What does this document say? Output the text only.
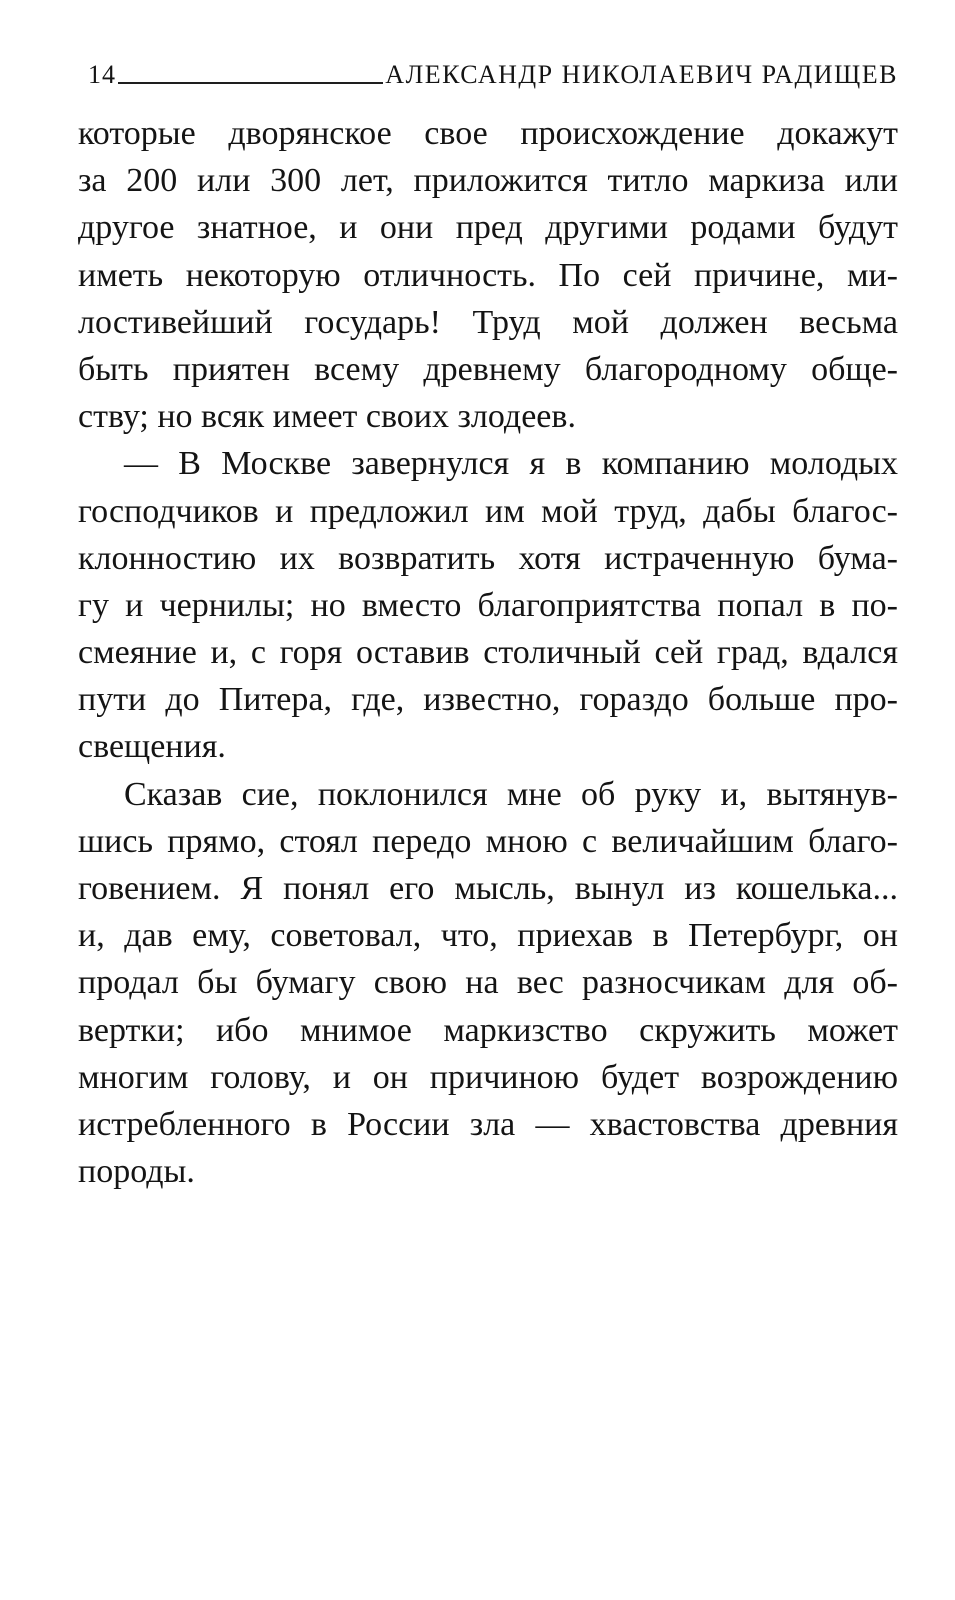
14	АЛЕКСАНДР НИКОЛАЕВИЧ РАДИЩЕВ
которые дворянское свое происхождение докажут
за 200 или 300 лет, приложится титло маркиза или
другое знатное, и они пред другими родами будут
иметь некоторую отличность. По сей причине, ми-
лостивейший государь! Труд мой должен весьма
быть приятен всему древнему благородному обще-
ству; но всяк имеет своих злодеев.
— В Москве завернулся я в компанию молодых
господчиков и предложил им мой труд, дабы благос-
клонностию их возвратить хотя истраченную бума-
гу и чернилы; но вместо благоприятства попал в по-
смеяние и, с горя оставив столичный сей град, вдался
пути до Питера, где, известно, гораздо больше про-
свещения.
Сказав сие, поклонился мне об руку и, вытянув-
шись прямо, стоял передо мною с величайшим благо-
говением. Я понял его мысль, вынул из кошелька...
и, дав ему, советовал, что, приехав в Петербург, он
продал бы бумагу свою на вес разносчикам для об-
вертки; ибо мнимое маркизство скружить может
многим голову, и он причиною будет возрождению
истребленного в России зла — хвастовства древния
породы.
